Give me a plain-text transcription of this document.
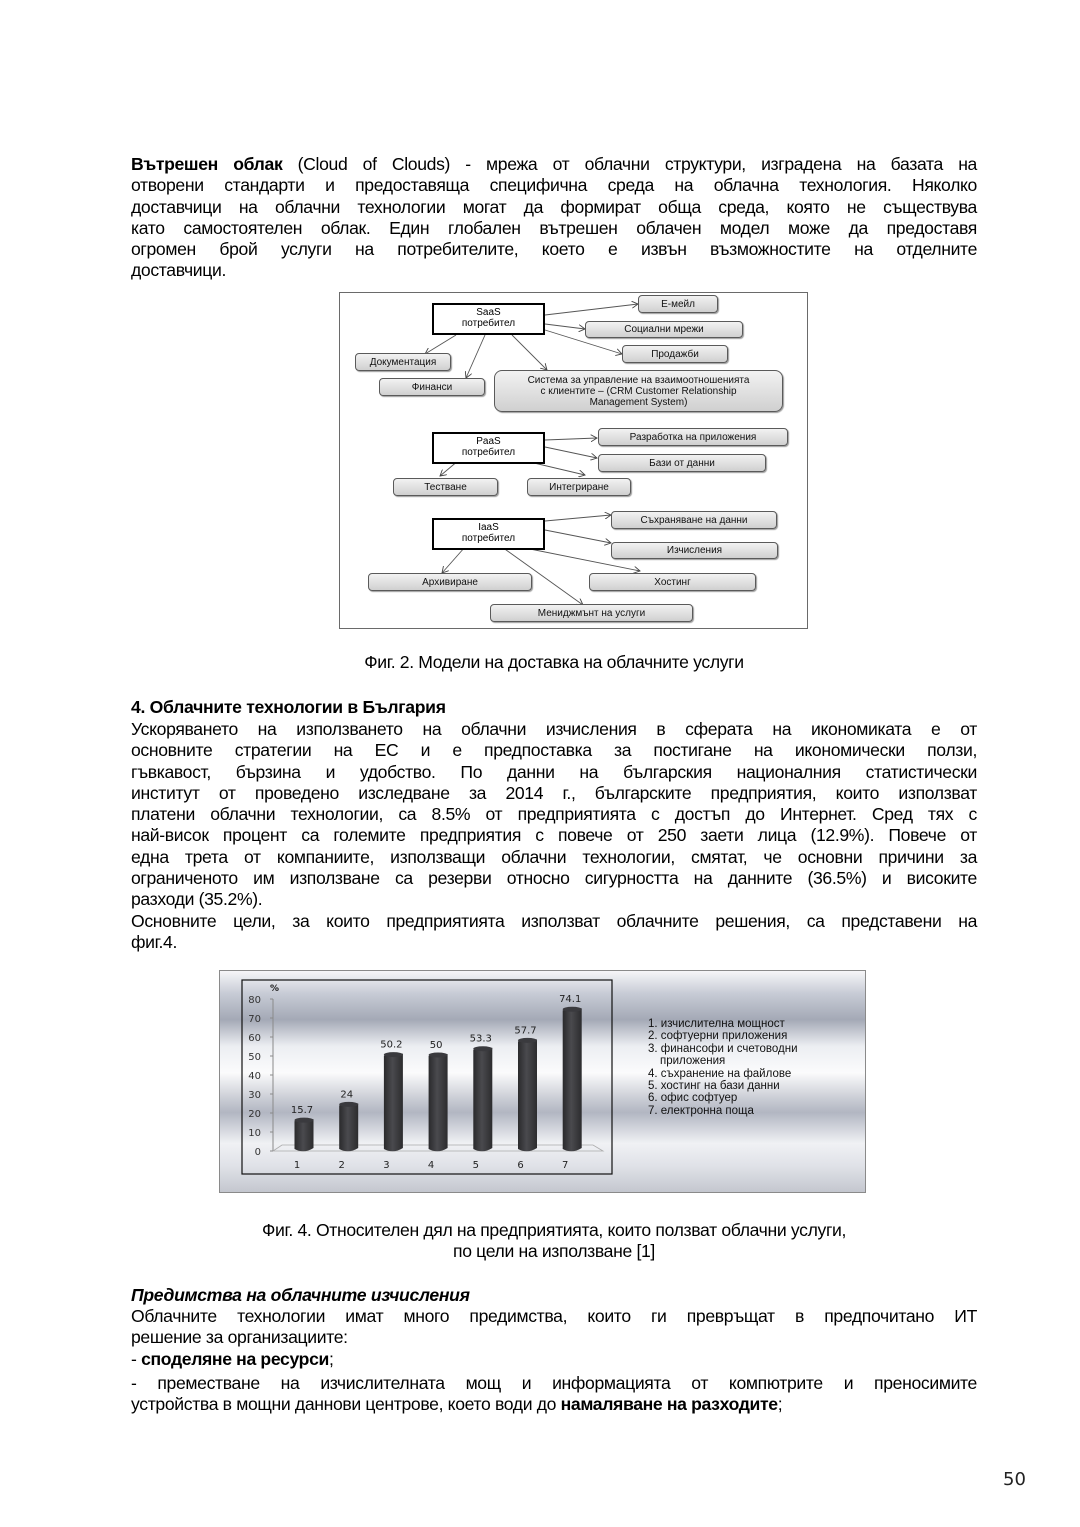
Вътрешен облак (Cloud of Clouds) - мрежа от облачни структури, изградена на базата на
отворени стандарти и предоставяща специфична среда на облачна технология. Няколко
доставчици на облачни технологии могат да формират обща среда, която не съществува
като самостоятелен облак. Един глобален вътрешен облачен модел може да предоставя
огромен брой услуги на потребителите, което е извън възможностите на отделните
доставчици.
SaaS
потребител
Е-мейл
Социални мрежи
Продажби
Документация
Финанси
Система за управление на взаимоотношенията
с клиентите – (CRM Customer Relationship
Management System)
PaaS
потребител
Разработка на приложения
Бази от данни
Тестване	Интегриране
IaaS
потребител
Съхраняване на данни
Изчисления
Архивиране	Хостинг
Мениджмънт на услуги
Фиг. 2. Модели на доставка на облачните услуги
4. Облачните технологии в България
Ускоряването на използването на облачни изчисления в сферата на икономиката е от
основните стратегии на ЕС и е предпоставка за постигане на икономически ползи,
гъвкавост, бързина и удобство. По данни на българския националния статистически
институт от проведено изследване за 2014 г., българските предприятия, които използват
платени облачни технологии, са 8.5% от предприятията с достъп до Интернет. Сред тях с
най-висок процент са големите предприятия с повече от 250 заети лица (12.9%). Повече от
една трета от компаниите, използващи облачни технологии, смятат, че основни причини за
ограниченото им използване са резерви относно сигурността на данните (36.5%) и високите
разходи (35.2%).
Основните цели, за които предприятията използват облачните решения, са представени на
фиг.4.
0
10
20
30
40
50
60
70
80
%
15.7
1
24
2
50.2
3
50
4
53.3
5
57.7
6
74.1
7
1. изчислителна мощност
2. софтуерни приложения
3. финансофи и счетоводни
приложения
4. съхранение на файлове
5. хостинг на бази данни
6. офис софтуер
7. електронна поща
Фиг. 4. Относителен дял на предприятията, които ползват облачни услуги,
по цели на използване [1]
Предимства на облачните изчисления
Облачните технологии имат много предимства, които ги превръщат в предпочитано ИТ
решение за организациите:
- споделяне на ресурси;
- преместване на изчислителната мощ и информацията от компютрите и преносимите
устройства в мощни даннови центрове, което води до намаляване на разходите;
50
